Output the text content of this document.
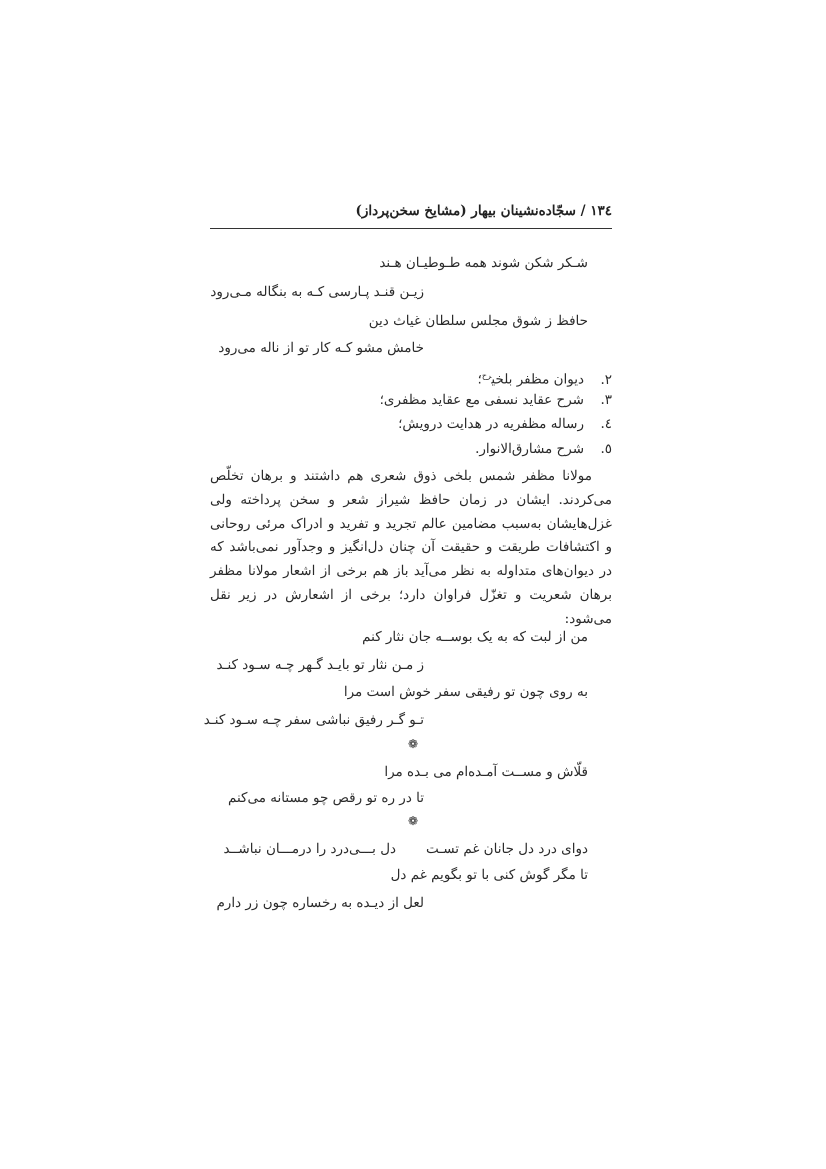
١٣٤ / سجّاده‌نشینان بیهار (مشایخ سخن‌پرداز)
شـکر شکن شوند همه طـوطیـان هـند
زیـن قنـد پـارسی کـه به بنگاله مـی‌رود
حافظ ز شوق مجلس سلطان غیاث دین
خامش مشو کـه کار تو از ناله می‌رود
٢.دیوان مظفر بلخی$^{رح}$؛
٣.شرح عقاید نسفی مع عقاید مظفری؛
٤.رساله مظفریه در هدایت درویش؛
٥.شرح مشارق‌الانوار.
مولانا مظفر شمس بلخی ذوق شعری هم داشتند و برهان تخلّص می‌کردند. ایشان در زمان حافظ شیراز شعر و سخن پرداخته ولی غزل‌هایشان به‌سبب مضامین عالم تجرید و تفرید و ادراک مرئی روحانی و اکتشافات طریقت و حقیقت آن چنان دل‌انگیز و وجدآور نمی‌باشد که در دیوان‌های متداوله به نظر می‌آید باز هم برخی از اشعار مولانا مظفر برهان شعریت و تغزّل فراوان دارد؛ برخی از اشعارش در زیر نقل می‌شود:
من از لبت که به یک بوســه جان نثار کنم
ز مـن نثار تو بایـد گـهر چـه سـود کنـد
به روی چون تو رفیقی سفر خوش است مرا
تـو گـر رفیق نباشی سفر چـه سـود کنـد
❁
قلّاش و مســت آمـده‌ام می بـده مرا
تا در ره تو رقص چو مستانه می‌کنم
❁
دوای درد دل جانان غم تسـتدل بـــی‌درد را درمـــان نباشــد
تا مگر گوش کنی با تو بگویم غم دل
لعل از دیـده به رخساره چون زر دارم
